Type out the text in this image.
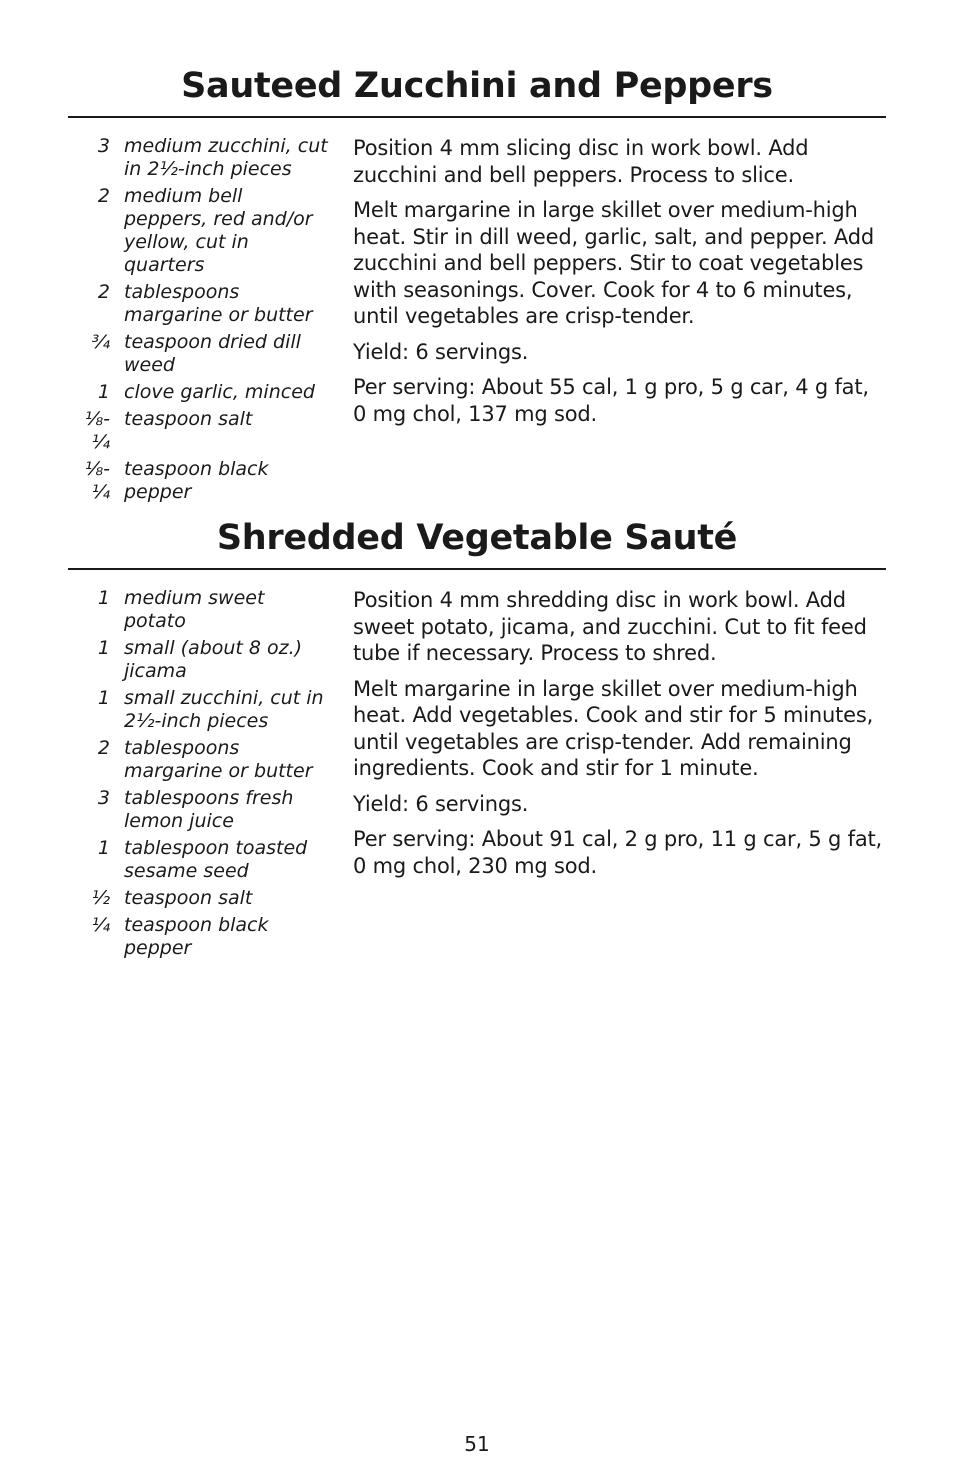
Sauteed Zucchini and Peppers
3 medium zucchini, cut in 2½-inch pieces
2 medium bell peppers, red and/or yellow, cut in quarters
2 tablespoons margarine or butter
¾ teaspoon dried dill weed
1 clove garlic, minced
⅛-¼
teaspoon salt
⅛-¼
teaspoon black pepper

Position 4 mm slicing disc in work bowl. Add zucchini and bell peppers. Process to slice.

Melt margarine in large skillet over medium-high heat. Stir in dill weed, garlic, salt, and pepper. Add zucchini and bell peppers. Stir to coat vegetables with seasonings. Cover. Cook for 4 to 6 minutes, until vegetables are crisp-tender.

Yield: 6 servings.

Per serving: About 55 cal, 1 g pro, 5 g car, 4 g fat, 0 mg chol, 137 mg sod.

Shredded Vegetable Sauté
1 medium sweet potato
1 small (about 8 oz.) jicama
1 small zucchini, cut in 2½-inch pieces
2 tablespoons margarine or butter
3 tablespoons fresh lemon juice
1 tablespoon toasted sesame seed
½ teaspoon salt
¼ teaspoon black pepper

Position 4 mm shredding disc in work bowl. Add sweet potato, jicama, and zucchini. Cut to fit feed tube if necessary. Process to shred.

Melt margarine in large skillet over medium-high heat. Add vegetables. Cook and stir for 5 minutes, until vegetables are crisp-tender. Add remaining ingredients. Cook and stir for 1 minute.

Yield: 6 servings.

Per serving: About 91 cal, 2 g pro, 11 g car, 5 g fat, 0 mg chol, 230 mg sod.

51
